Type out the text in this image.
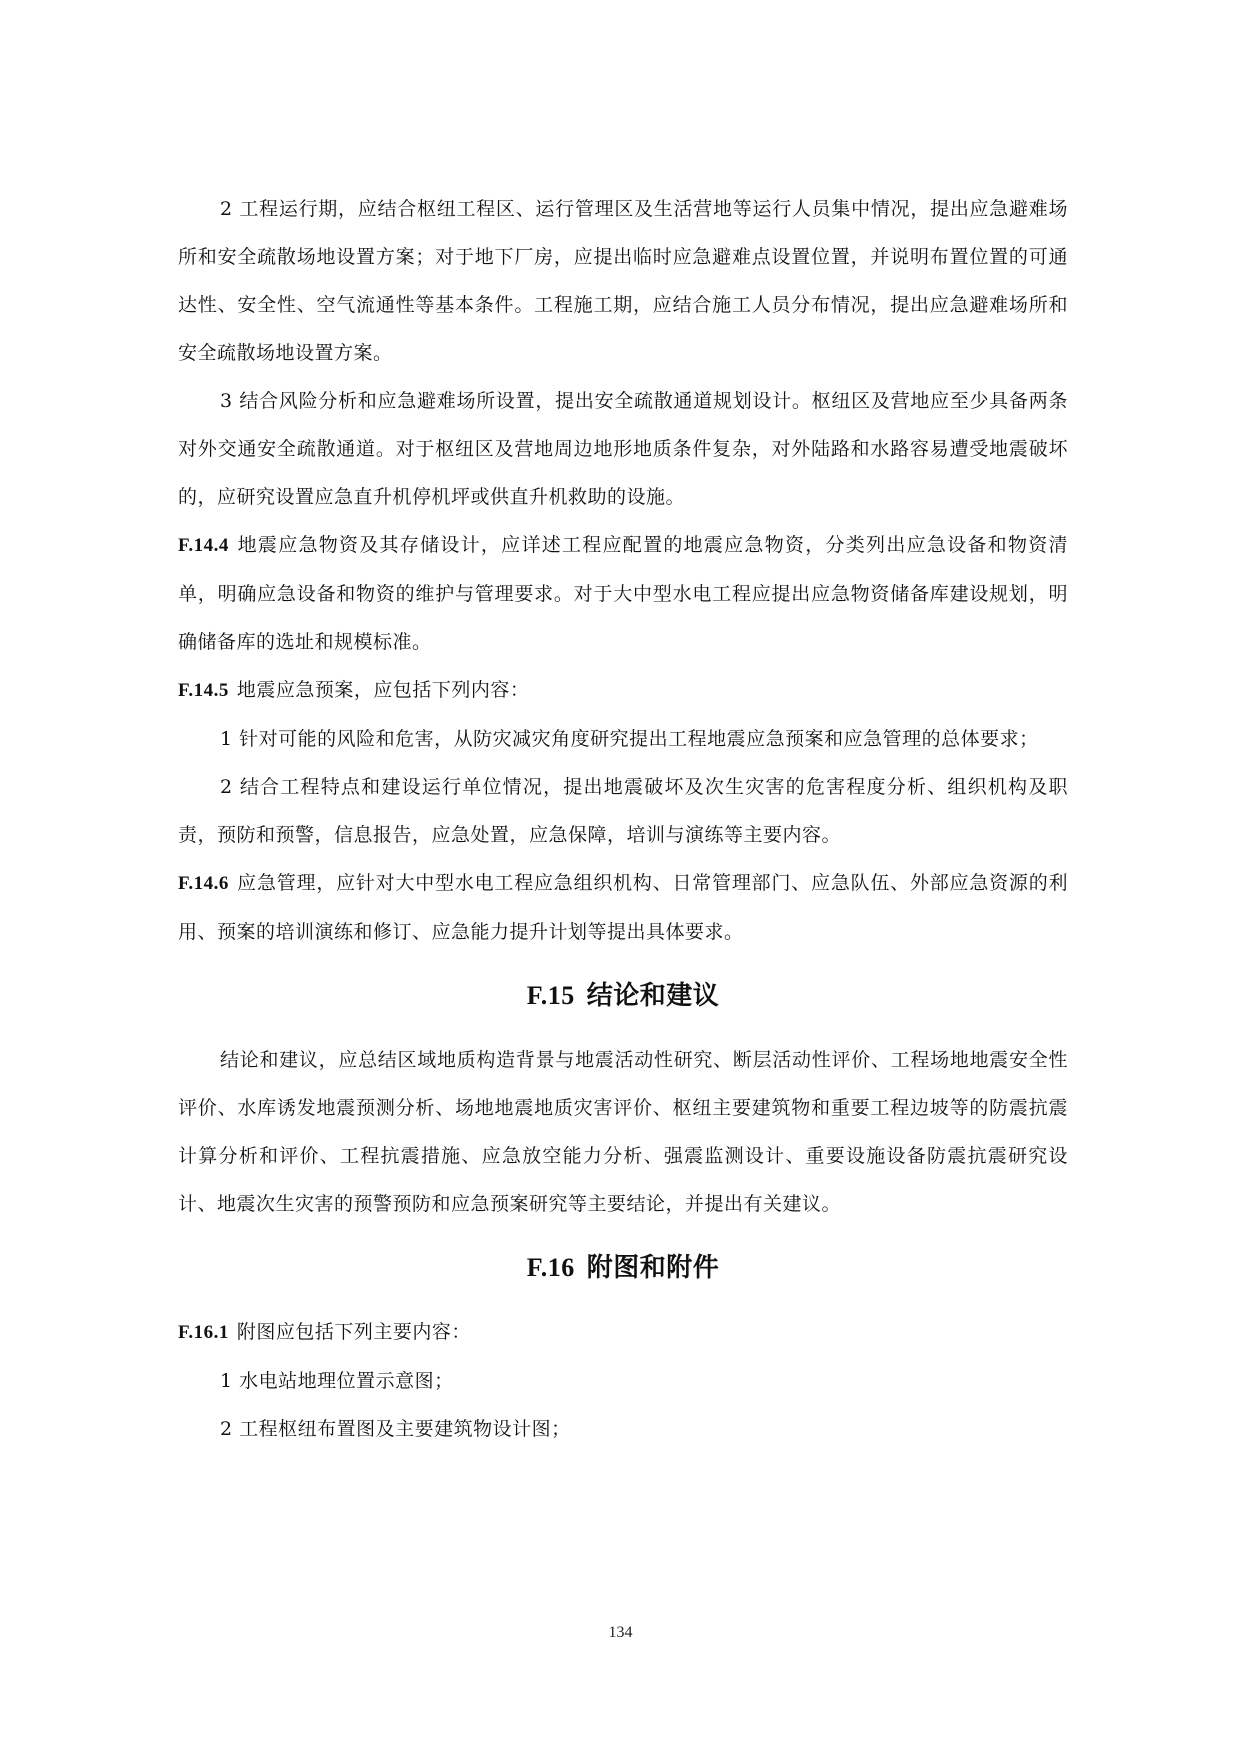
2 工程运行期，应结合枢纽工程区、运行管理区及生活营地等运行人员集中情况，提出应急避难场所和安全疏散场地设置方案；对于地下厂房，应提出临时应急避难点设置位置，并说明布置位置的可通达性、安全性、空气流通性等基本条件。工程施工期，应结合施工人员分布情况，提出应急避难场所和安全疏散场地设置方案。

3 结合风险分析和应急避难场所设置，提出安全疏散通道规划设计。枢纽区及营地应至少具备两条对外交通安全疏散通道。对于枢纽区及营地周边地形地质条件复杂，对外陆路和水路容易遭受地震破坏的，应研究设置应急直升机停机坪或供直升机救助的设施。

F.14.4 地震应急物资及其存储设计，应详述工程应配置的地震应急物资，分类列出应急设备和物资清单，明确应急设备和物资的维护与管理要求。对于大中型水电工程应提出应急物资储备库建设规划，明确储备库的选址和规模标准。

F.14.5 地震应急预案，应包括下列内容：

1 针对可能的风险和危害，从防灾减灾角度研究提出工程地震应急预案和应急管理的总体要求；

2 结合工程特点和建设运行单位情况，提出地震破坏及次生灾害的危害程度分析、组织机构及职责，预防和预警，信息报告，应急处置，应急保障，培训与演练等主要内容。

F.14.6 应急管理，应针对大中型水电工程应急组织机构、日常管理部门、应急队伍、外部应急资源的利用、预案的培训演练和修订、应急能力提升计划等提出具体要求。

F.15 结论和建议

结论和建议，应总结区域地质构造背景与地震活动性研究、断层活动性评价、工程场地地震安全性评价、水库诱发地震预测分析、场地地震地质灾害评价、枢纽主要建筑物和重要工程边坡等的防震抗震计算分析和评价、工程抗震措施、应急放空能力分析、强震监测设计、重要设施设备防震抗震研究设计、地震次生灾害的预警预防和应急预案研究等主要结论，并提出有关建议。

F.16 附图和附件

F.16.1 附图应包括下列主要内容：

1 水电站地理位置示意图；

2 工程枢纽布置图及主要建筑物设计图；

134
